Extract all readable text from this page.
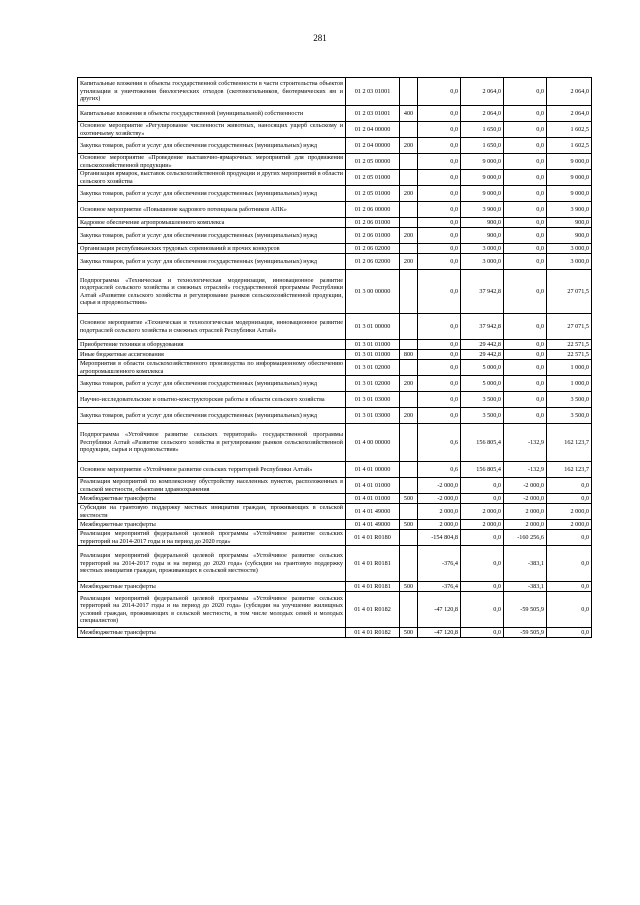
281
Капитальные вложения в объекты государственной собственности в части строительства объектов утилизации и уничтожения биологических отходов (скотомогильников, биотермических ям и других)	01 2 03 01001		0,0	2 064,0	0,0	2 064,0
Капитальные вложения в объекты государственной (муниципальной) собственности	01 2 03 01001	400	0,0	2 064,0	0,0	2 064,0
Основное мероприятие «Регулирование численности животных, наносящих ущерб сельскому и охотничьему хозяйству»	01 2 04 00000		0,0	1 650,0	0,0	1 602,5
Закупка товаров, работ и услуг для обеспечения государственных (муниципальных) нужд	01 2 04 00000	200	0,0	1 650,0	0,0	1 602,5
Основное мероприятие «Проведение выставочно-ярмарочных мероприятий для продвижения сельскохозяйственной продукции»	01 2 05 00000		0,0	9 000,0	0,0	9 000,0
Организация ярмарок, выставок сельскохозяйственной продукции и других мероприятий в области сельского хозяйства	01 2 05 01000		0,0	9 000,0	0,0	9 000,0
Закупка товаров, работ и услуг для обеспечения государственных (муниципальных) нужд	01 2 05 01000	200	0,0	9 000,0	0,0	9 000,0
Основное мероприятие «Повышение кадрового потенциала работников АПК»	01 2 06 00000		0,0	3 900,0	0,0	3 900,0
Кадровое обеспечение агропромышленного комплекса	01 2 06 01000		0,0	900,0	0,0	900,0
Закупка товаров, работ и услуг для обеспечения государственных (муниципальных) нужд	01 2 06 01000	200	0,0	900,0	0,0	900,0
Организация республиканских трудовых соревнований и прочих конкурсов	01 2 06 02000		0,0	3 000,0	0,0	3 000,0
Закупка товаров, работ и услуг для обеспечения государственных (муниципальных) нужд	01 2 06 02000	200	0,0	3 000,0	0,0	3 000,0
Подпрограмма «Техническая и технологическая модернизация, инновационное развитие подотраслей сельского хозяйства и смежных отраслей» государственной программы Республики Алтай «Развитие сельского хозяйства и регулирование рынков сельскохозяйственной продукции, сырья и продовольствия»	01 3 00 00000		0,0	37 942,8	0,0	27 071,5
Основное мероприятие «Техническая и технологическая модернизация, инновационное развитие подотраслей сельского хозяйства и смежных отраслей Республики Алтай»	01 3 01 00000		0,0	37 942,8	0,0	27 071,5
Приобретение техники и оборудования	01 3 01 01000		0,0	29 442,8	0,0	22 571,5
Иные бюджетные ассигнования	01 3 01 01000	800	0,0	29 442,8	0,0	22 571,5
Мероприятия в области сельскохозяйственного производства по информационному обеспечению агропромышленного комплекса	01 3 01 02000		0,0	5 000,0	0,0	1 000,0
Закупка товаров, работ и услуг для обеспечения государственных (муниципальных) нужд	01 3 01 02000	200	0,0	5 000,0	0,0	1 000,0
Научно-исследовательские и опытно-конструкторские работы в области сельского хозяйства	01 3 01 03000		0,0	3 500,0	0,0	3 500,0
Закупка товаров, работ и услуг для обеспечения государственных (муниципальных) нужд	01 3 01 03000	200	0,0	3 500,0	0,0	3 500,0
Подпрограмма «Устойчивое развитие сельских территорий» государственной программы Республики Алтай «Развитие сельского хозяйства и регулирование рынков сельскохозяйственной продукции, сырья и продовольствия»	01 4 00 00000		0,6	156 805,4	-132,9	162 123,7
Основное мероприятие «Устойчивое развитие сельских территорий Республики Алтай»	01 4 01 00000		0,6	156 805,4	-132,9	162 123,7
Реализация мероприятий по комплексному обустройству населенных пунктов, расположенных в сельской местности, объектами здравоохранения	01 4 01 01000		-2 000,0	0,0	-2 000,0	0,0
Межбюджетные трансферты	01 4 01 01000	500	-2 000,0	0,0	-2 000,0	0,0
Субсидии на грантовую поддержку местных инициатив граждан, проживающих в сельской местности	01 4 01 49000		2 000,0	2 000,0	2 000,0	2 000,0
Межбюджетные трансферты	01 4 01 49000	500	2 000,0	2 000,0	2 000,0	2 000,0
Реализация мероприятий федеральной целевой программы «Устойчивое развитие сельских территорий на 2014-2017 годы и на период до 2020 года»	01 4 01 R0180		-154 804,8	0,0	-160 256,6	0,0
Реализация мероприятий федеральной целевой программы «Устойчивое развитие сельских территорий на 2014-2017 годы и на период до 2020 года» (субсидии на грантовую поддержку местных инициатив граждан, проживающих в сельской местности)	01 4 01 R0181		-376,4	0,0	-383,1	0,0
Межбюджетные трансферты	01 4 01 R0181	500	-376,4	0,0	-383,1	0,0
Реализация мероприятий федеральной целевой программы «Устойчивое развитие сельских территорий на 2014-2017 годы и на период до 2020 года» (субсидии на улучшение жилищных условий граждан, проживающих в сельской местности, в том числе молодых семей и молодых специалистов)	01 4 01 R0182		-47 120,8	0,0	-59 505,9	0,0
Межбюджетные трансферты	01 4 01 R0182	500	-47 120,8	0,0	-59 505,9	0,0
